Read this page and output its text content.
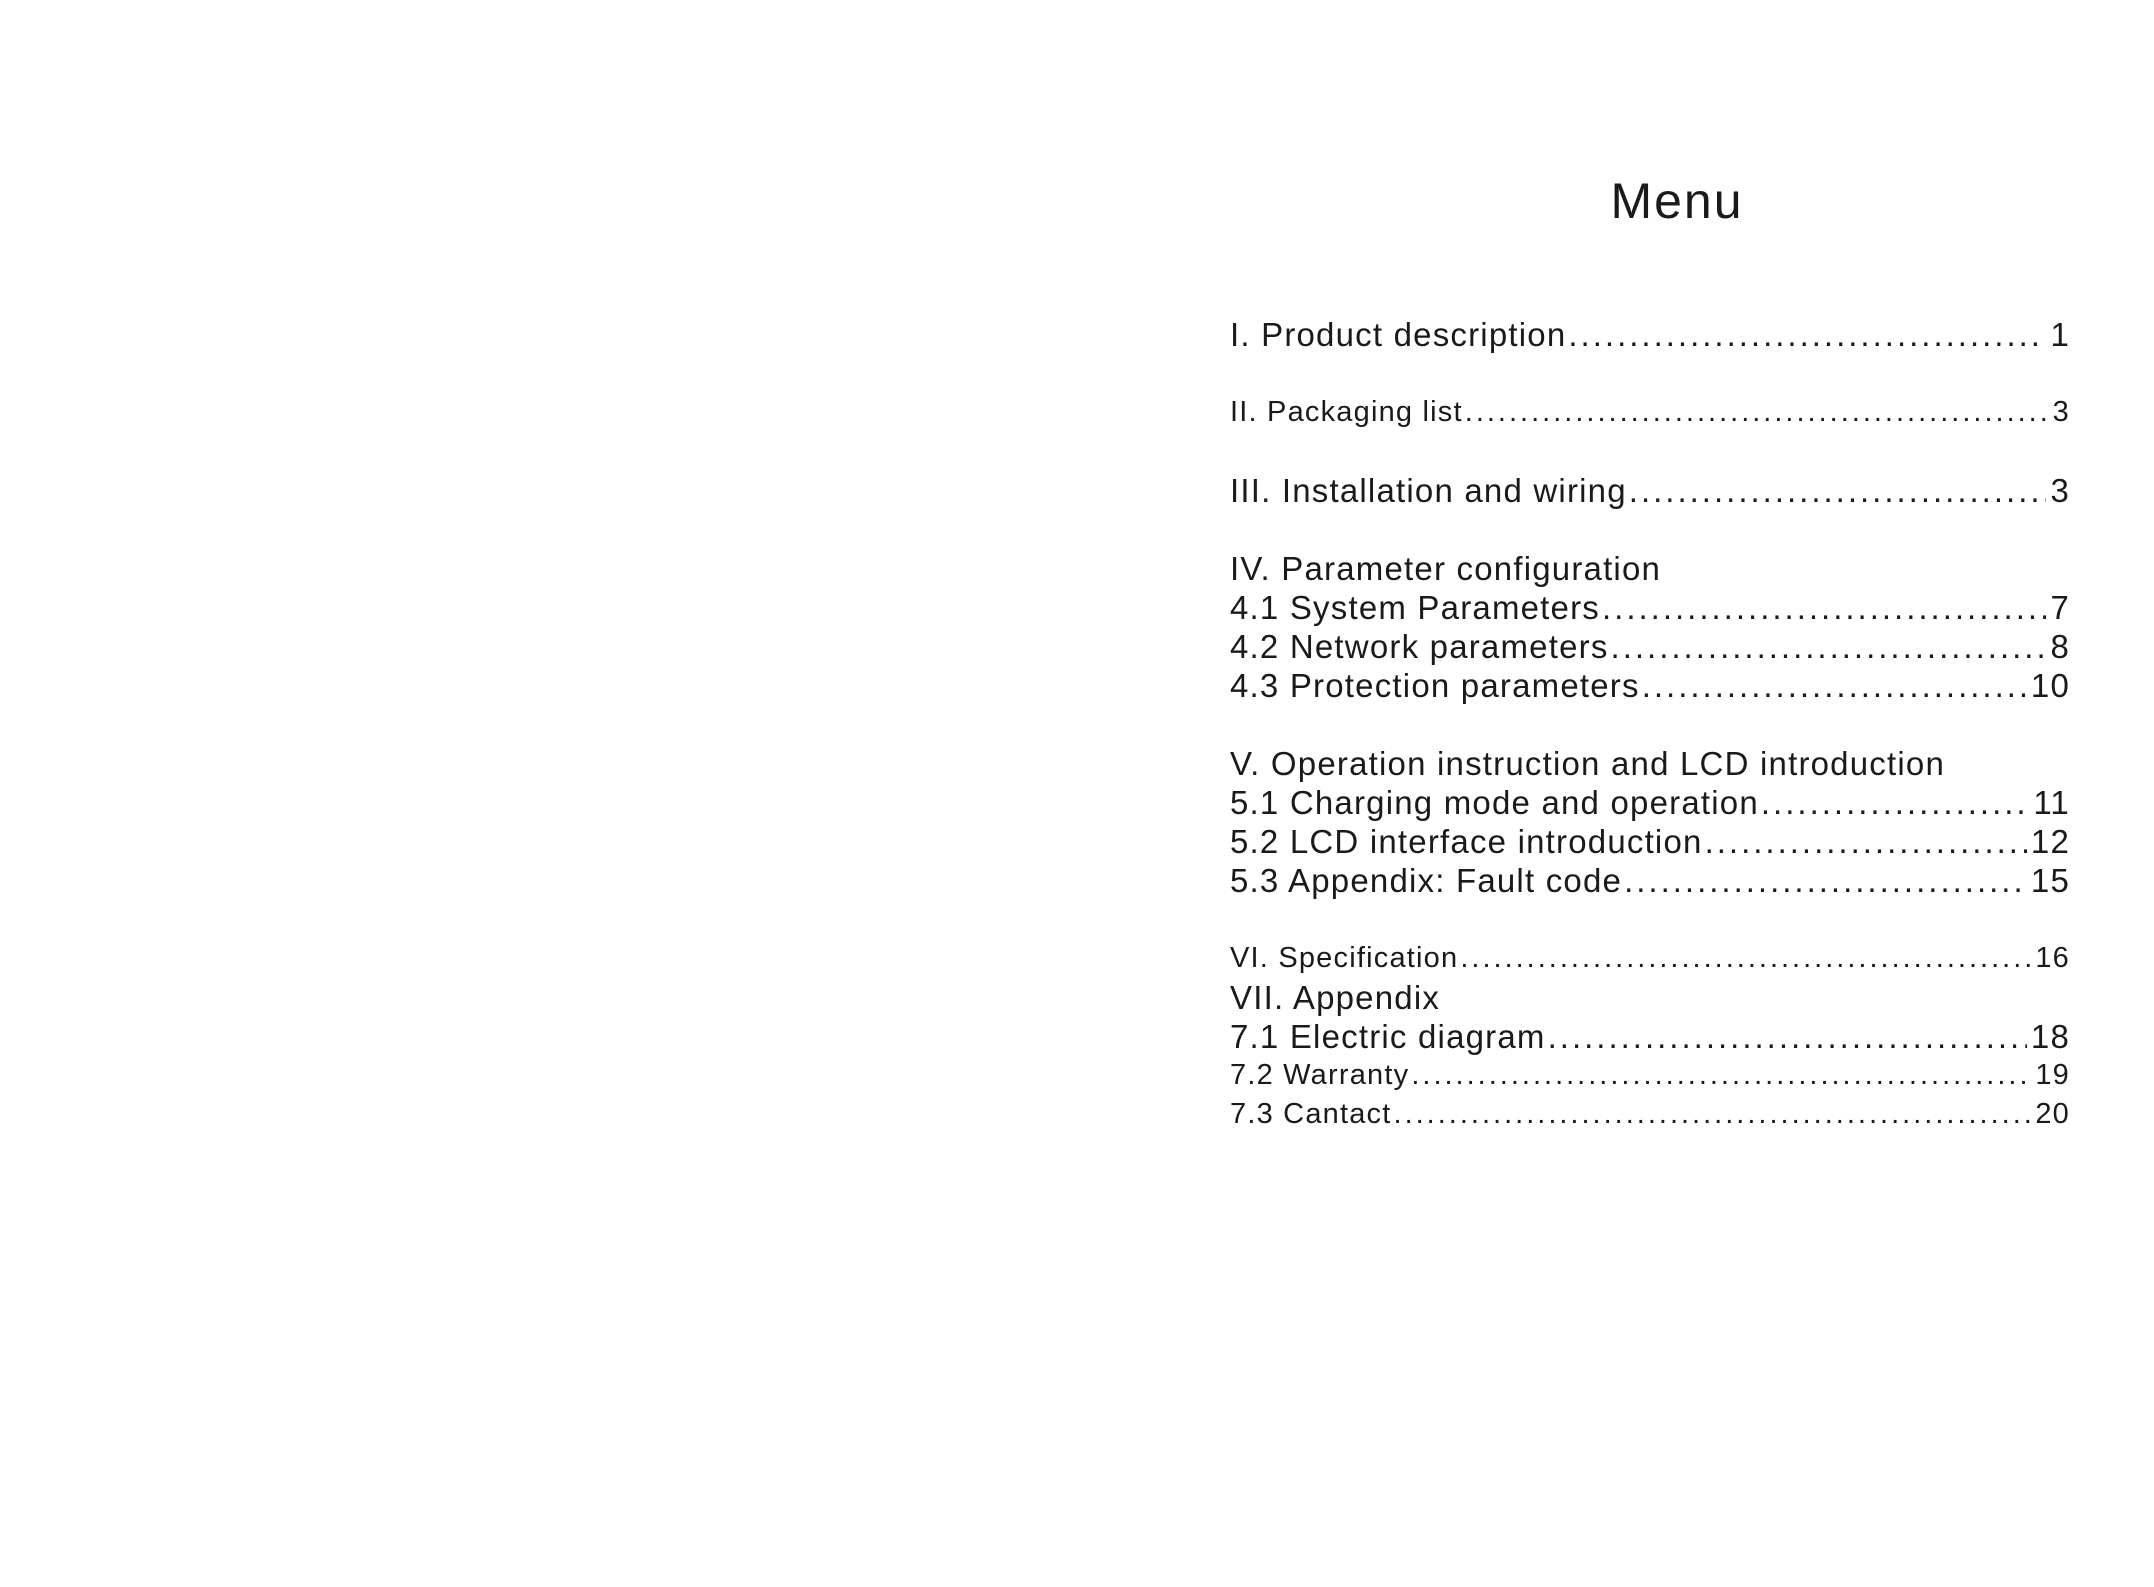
Menu
I. Product description .....	1
II. Packaging list .....	3
III. Installation and wiring .....	3
IV. Parameter configuration
4.1 System Parameters .....	7
4.2 Network parameters .....	8
4.3 Protection parameters .....	10
V. Operation instruction and LCD introduction
5.1 Charging mode and operation .....	11
5.2 LCD interface introduction .....	12
5.3 Appendix: Fault code .....	15
VI. Specification .....	16
VII. Appendix
7.1 Electric diagram .....	18
7.2 Warranty .....	19
7.3 Cantact .....	20
